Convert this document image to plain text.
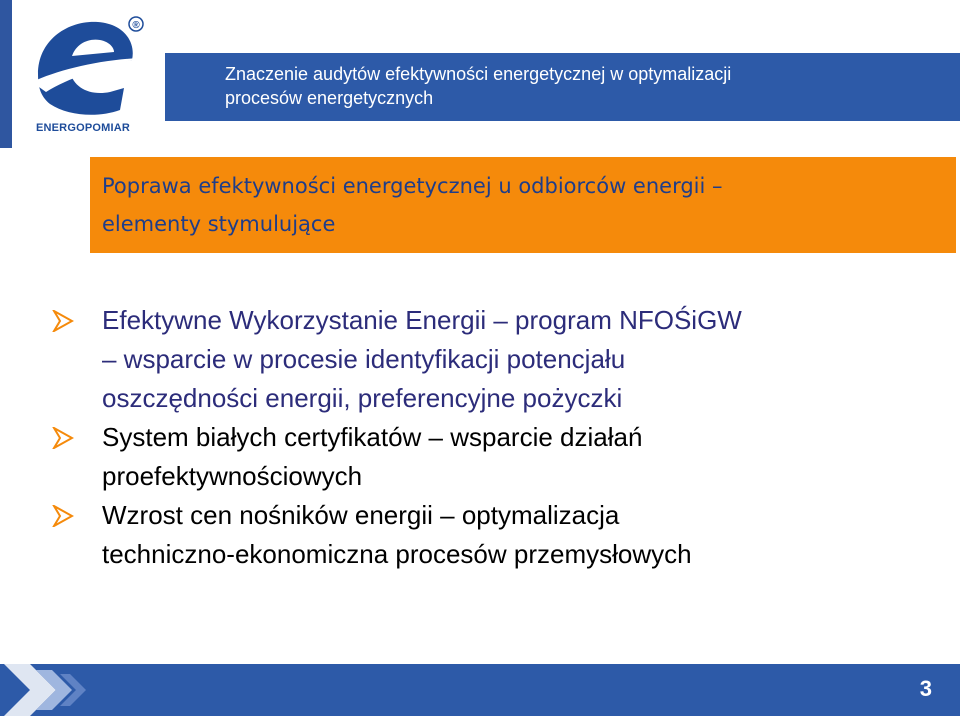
®
ENERGOPOMIAR
Znaczenie audytów efektywności energetycznej w optymalizacji
procesów energetycznych
Poprawa efektywności energetycznej u odbiorców energii –
elementy stymulujące
Efektywne Wykorzystanie Energii – program NFOŚiGW
– wsparcie w procesie identyfikacji potencjału
oszczędności energii, preferencyjne pożyczki
System białych certyfikatów – wsparcie działań
proefektywnościowych
Wzrost cen nośników energii – optymalizacja
techniczno-ekonomiczna procesów przemysłowych
3
